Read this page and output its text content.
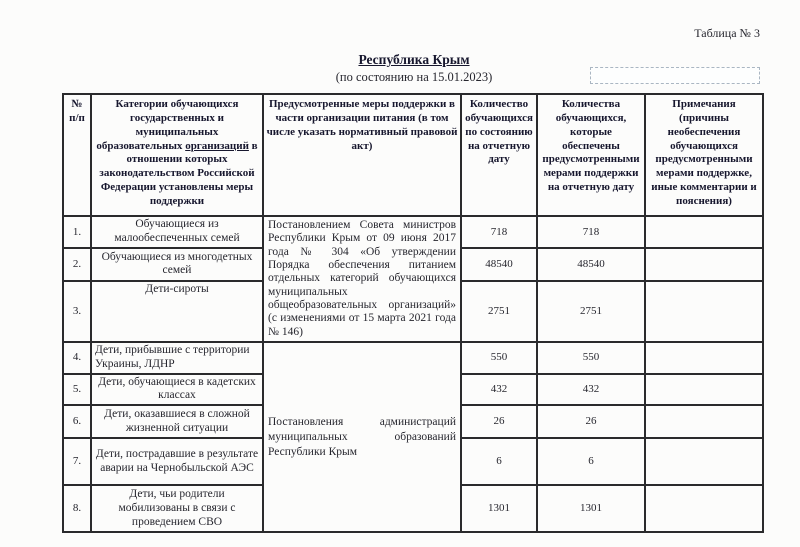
Таблица № 3
Республика Крым
(по состоянию на 15.01.2023)
№ п/п	Категории обучающихся государственных и муниципальных образовательных организаций в отношении которых законодательством Российской Федерации установлены меры поддержки	Предусмотренные меры поддержки в части организации питания (в том числе указать нормативный правовой акт)	Количество обучающихся по состоянию на отчетную дату	Количества обучающихся, которые обеспечены предусмотренными мерами поддержки на отчетную дату	Примечания (причины необеспечения обучающихся предусмотренными мерами поддержке, иные комментарии и пояснения)
1.	Обучающиеся из малообеспеченных семей	Постановлением Совета министров Республики Крым от 09 июня 2017 года № 304 «Об утверждении Порядка обеспечения питанием отдельных категорий обучающихся муниципальных общеобразовательных организаций» (с изменениями от 15 марта 2021 года № 146)	718	718	
2.	Обучающиеся из многодетных семей		48540	48540	
3.	Дети-сироты		2751	2751	
4.	Дети, прибывшие с территории Украины, ЛДНР	Постановления администраций муниципальных образований Республики Крым	550	550	
5.	Дети, обучающиеся в кадетских классах		432	432	
6.	Дети, оказавшиеся в сложной жизненной ситуации		26	26	
7.	Дети, пострадавшие в результате аварии на Чернобыльской АЭС		6	6	
8.	Дети, чьи родители мобилизованы в связи с проведением СВО		1301	1301	
